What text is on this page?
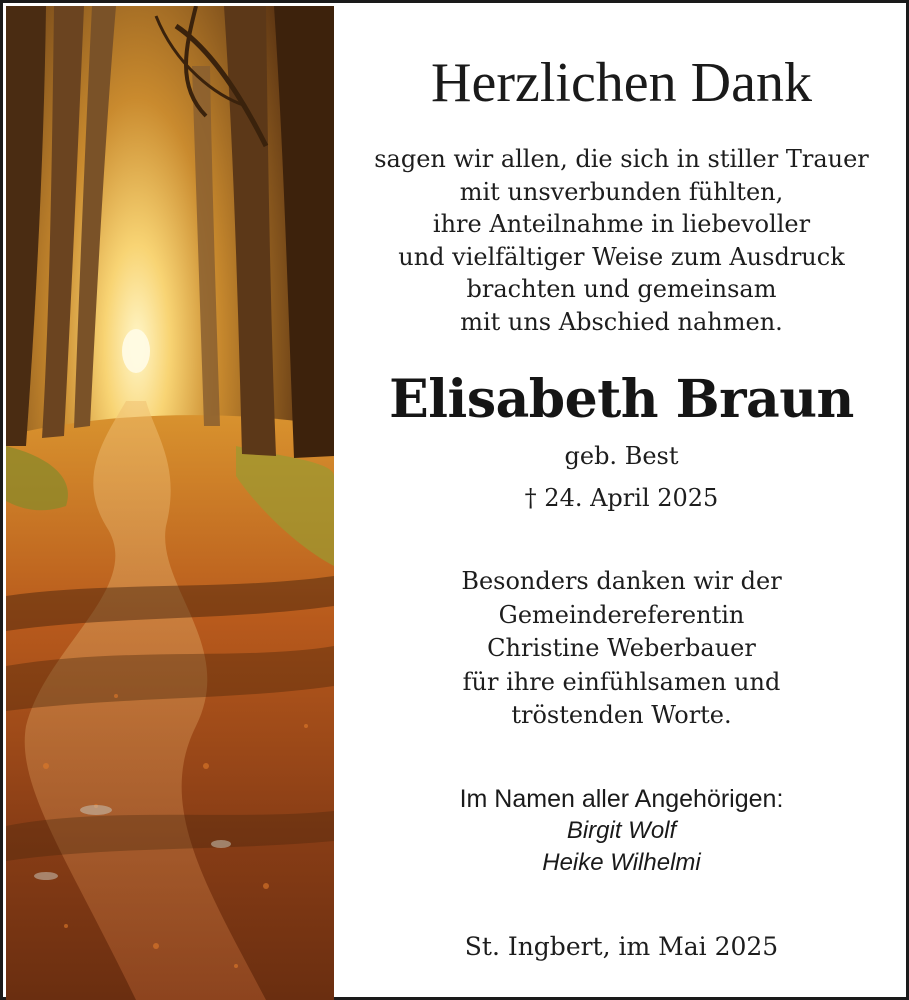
Herzlichen Dank
sagen wir allen, die sich in stiller Trauer
mit unsverbunden fühlten,
ihre Anteilnahme in liebevoller
und vielfältiger Weise zum Ausdruck
brachten und gemeinsam
mit uns Abschied nahmen.
Elisabeth Braun
geb. Best
† 24. April 2025
Besonders danken wir der
Gemeindereferentin
Christine Weberbauer
für ihre einfühlsamen und
tröstenden Worte.
Im Namen aller Angehörigen:
Birgit Wolf
Heike Wilhelmi
St. Ingbert, im Mai 2025
